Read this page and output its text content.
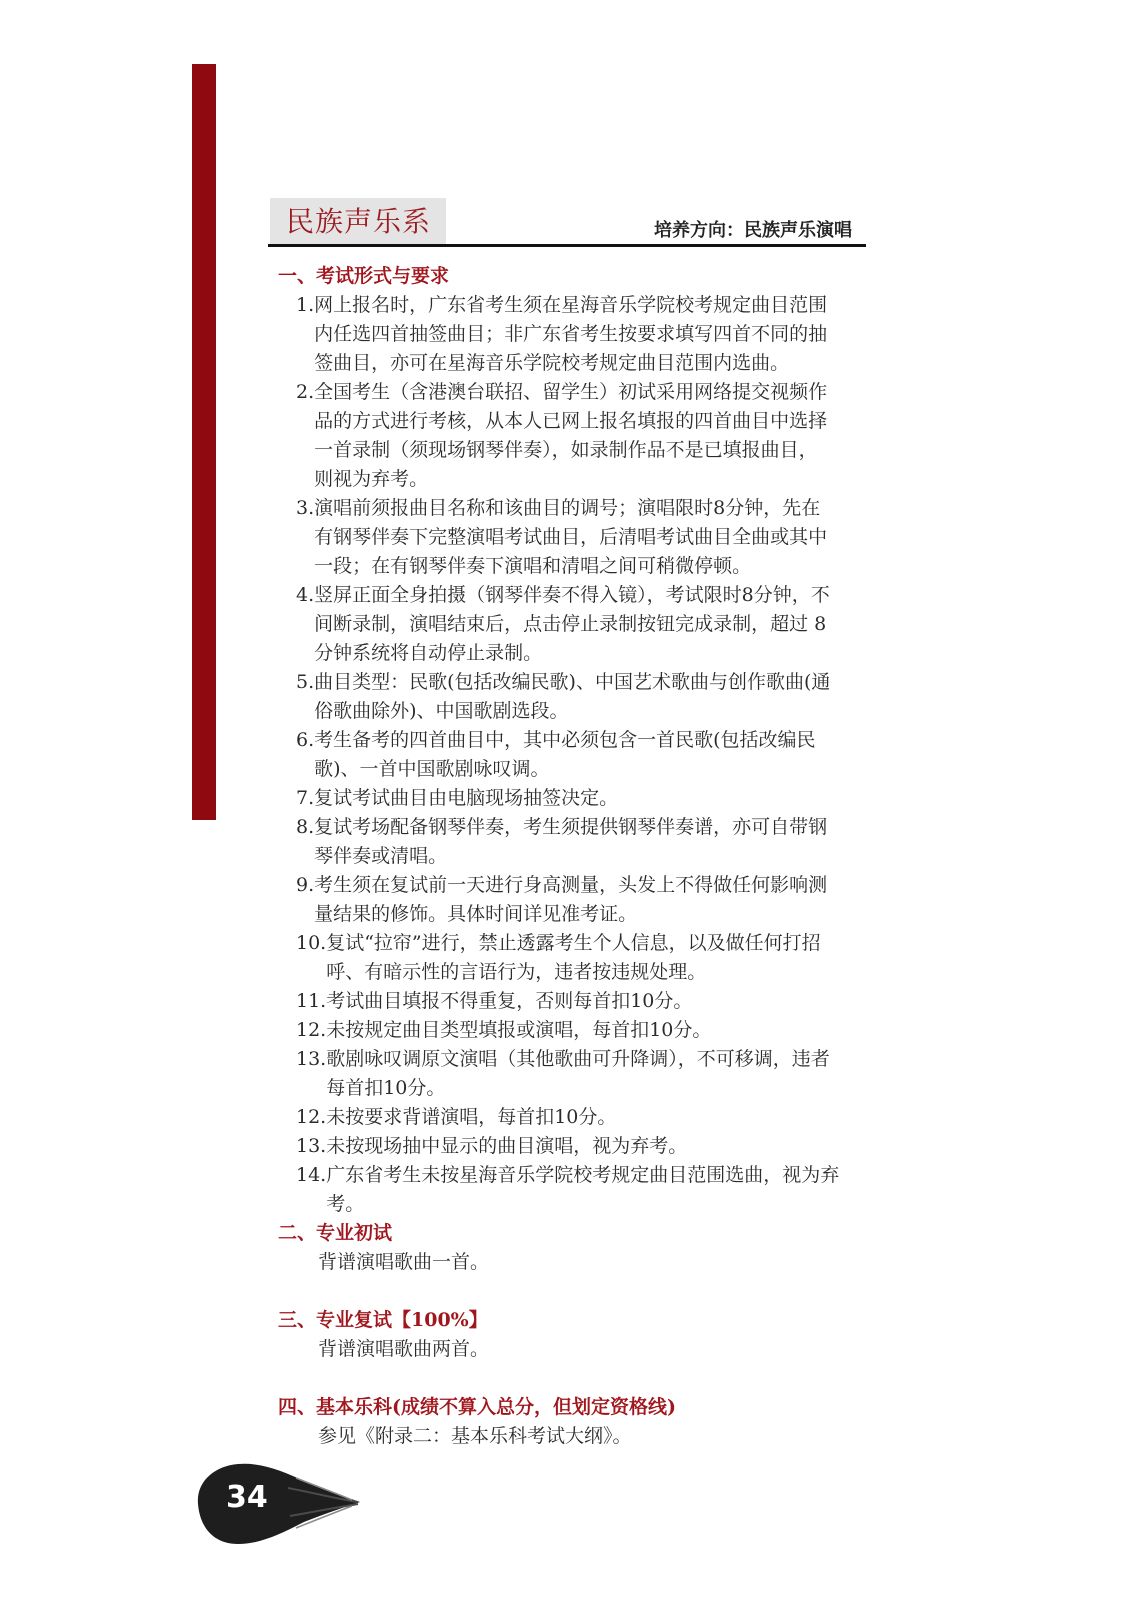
民族声乐系	培养方向：民族声乐演唱
一、考试形式与要求
1. 网上报名时，广东省考生须在星海音乐学院校考规定曲目范围内任选四首抽签曲目；非广东省考生按要求填写四首不同的抽签曲目，亦可在星海音乐学院校考规定曲目范围内选曲。
2. 全国考生（含港澳台联招、留学生）初试采用网络提交视频作品的方式进行考核，从本人已网上报名填报的四首曲目中选择一首录制（须现场钢琴伴奏），如录制作品不是已填报曲目，则视为弃考。
3. 演唱前须报曲目名称和该曲目的调号；演唱限时8分钟，先在有钢琴伴奏下完整演唱考试曲目，后清唱考试曲目全曲或其中一段；在有钢琴伴奏下演唱和清唱之间可稍微停顿。
4. 竖屏正面全身拍摄（钢琴伴奏不得入镜），考试限时8分钟，不间断录制，演唱结束后，点击停止录制按钮完成录制，超过 8分钟系统将自动停止录制。
5. 曲目类型：民歌(包括改编民歌)、中国艺术歌曲与创作歌曲(通俗歌曲除外)、中国歌剧选段。
6. 考生备考的四首曲目中，其中必须包含一首民歌(包括改编民歌)、一首中国歌剧咏叹调。
7. 复试考试曲目由电脑现场抽签决定。
8. 复试考场配备钢琴伴奏，考生须提供钢琴伴奏谱，亦可自带钢琴伴奏或清唱。
9. 考生须在复试前一天进行身高测量，头发上不得做任何影响测量结果的修饰。具体时间详见准考证。
10. 复试“拉帘”进行，禁止透露考生个人信息，以及做任何打招呼、有暗示性的言语行为，违者按违规处理。
11. 考试曲目填报不得重复，否则每首扣10分。
12. 未按规定曲目类型填报或演唱，每首扣10分。
13. 歌剧咏叹调原文演唱（其他歌曲可升降调），不可移调，违者每首扣10分。
12. 未按要求背谱演唱，每首扣10分。
13. 未按现场抽中显示的曲目演唱，视为弃考。
14. 广东省考生未按星海音乐学院校考规定曲目范围选曲，视为弃考。
二、专业初试
背谱演唱歌曲一首。
三、专业复试【100%】
背谱演唱歌曲两首。
四、基本乐科(成绩不算入总分，但划定资格线)
参见《附录二：基本乐科考试大纲》。
34
